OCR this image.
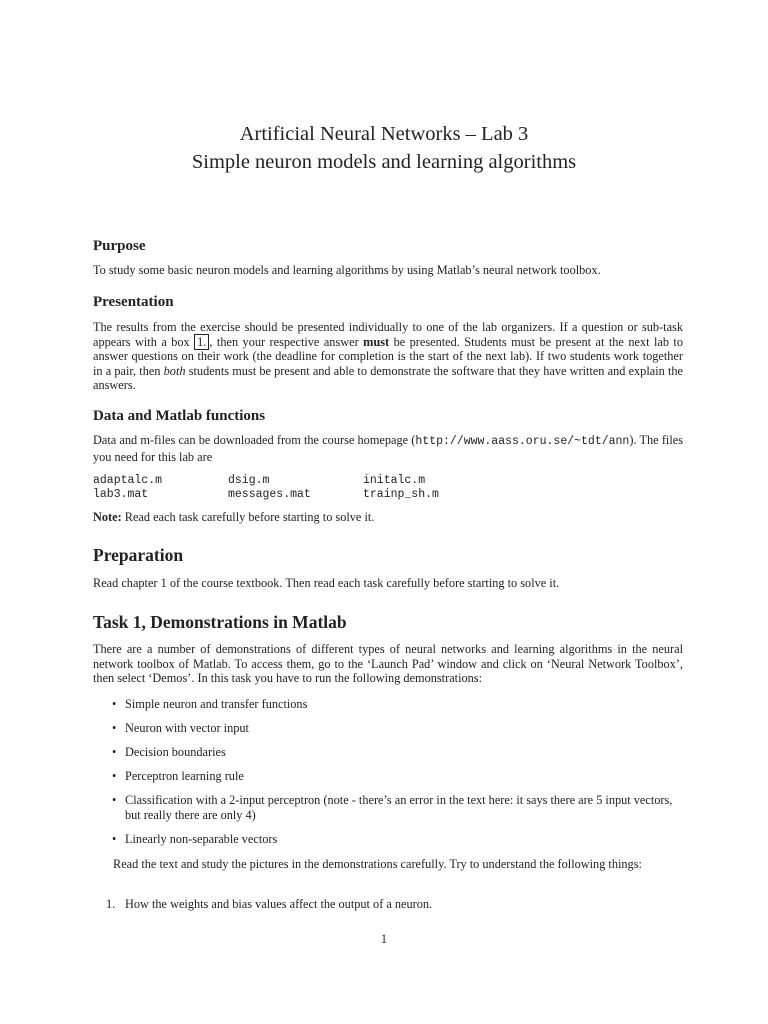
Artificial Neural Networks – Lab 3
Simple neuron models and learning algorithms
Purpose
To study some basic neuron models and learning algorithms by using Matlab’s neural network toolbox.
Presentation
The results from the exercise should be presented individually to one of the lab organizers. If a question or sub-task appears with a box 1. , then your respective answer must be presented. Students must be present at the next lab to answer questions on their work (the deadline for completion is the start of the next lab). If two students work together in a pair, then both students must be present and able to demonstrate the software that they have written and explain the answers.
Data and Matlab functions
Data and m-files can be downloaded from the course homepage (http://www.aass.oru.se/~tdt/ann). The files you need for this lab are
adaptalc.m	dsig.m	initalc.m
lab3.mat	messages.mat	trainp_sh.m
Note: Read each task carefully before starting to solve it.
Preparation
Read chapter 1 of the course textbook. Then read each task carefully before starting to solve it.
Task 1, Demonstrations in Matlab
There are a number of demonstrations of different types of neural networks and learning algorithms in the neural network toolbox of Matlab. To access them, go to the ‘Launch Pad’ window and click on ‘Neural Network Toolbox’, then select ‘Demos’. In this task you have to run the following demonstrations:
• Simple neuron and transfer functions
• Neuron with vector input
• Decision boundaries
• Perceptron learning rule
• Classification with a 2-input perceptron (note - there’s an error in the text here: it says there are 5 input vectors, but really there are only 4)
• Linearly non-separable vectors
Read the text and study the pictures in the demonstrations carefully. Try to understand the following things:
1. How the weights and bias values affect the output of a neuron.
1
